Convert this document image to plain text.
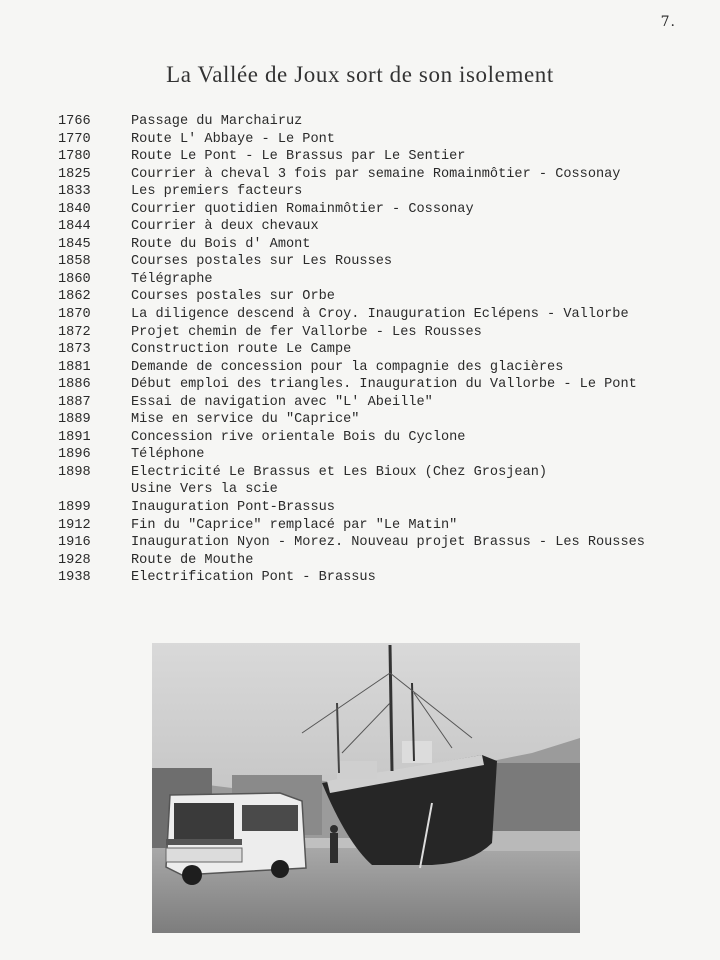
7.
La Vallée de Joux sort de son isolement
1766	Passage du Marchairuz
1770	Route L' Abbaye - Le Pont
1780	Route Le Pont - Le Brassus par Le Sentier
1825	Courrier à cheval 3 fois par semaine Romainmôtier - Cossonay
1833	Les premiers facteurs
1840	Courrier quotidien Romainmôtier - Cossonay
1844	Courrier à deux chevaux
1845	Route du Bois d' Amont
1858	Courses postales sur Les Rousses
1860	Télégraphe
1862	Courses postales sur Orbe
1870	La diligence descend à Croy. Inauguration Eclépens - Vallorbe
1872	Projet chemin de fer Vallorbe - Les Rousses
1873	Construction route Le Campe
1881	Demande de concession pour la compagnie des glacières
1886	Début emploi des triangles. Inauguration du Vallorbe - Le Pont
1887	Essai de navigation avec "L' Abeille"
1889	Mise en service du "Caprice"
1891	Concession rive orientale Bois du Cyclone
1896	Téléphone
1898	Electricité Le Brassus et Les Bioux (Chez Grosjean)
Usine Vers la scie
1899	Inauguration Pont-Brassus
1912	Fin du "Caprice" remplacé par "Le Matin"
1916	Inauguration Nyon - Morez. Nouveau projet Brassus - Les Rousses
1928	Route de Mouthe
1938	Electrification Pont - Brassus
